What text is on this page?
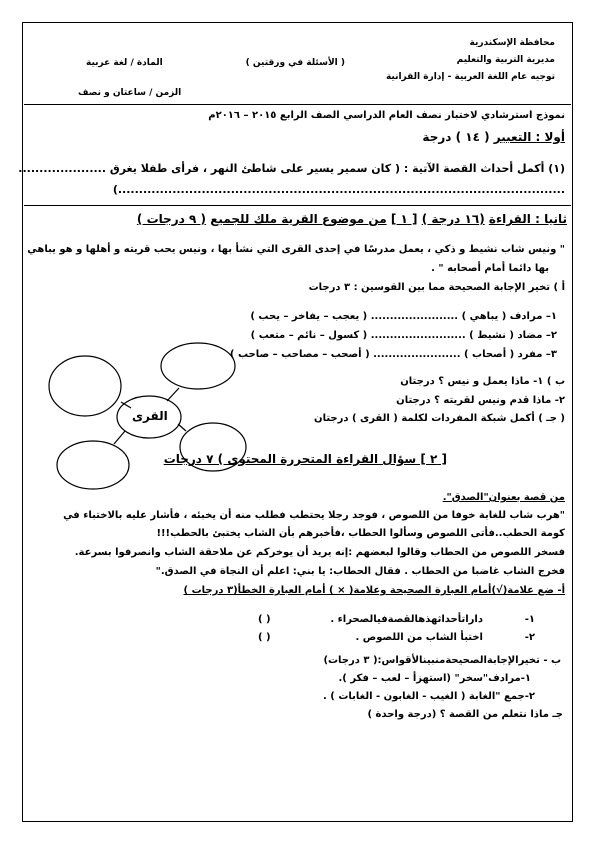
محافظة الإسكندرية
مديرية التربية والتعليم
توجيه عام اللغة العربية - إدارة القرانية
( الأسئلة في ورقتين )
المادة / لغة عربية
الزمن / ساعتان و نصف
نموذج استرشادي لاختبار نصف العام الدراسي الصف الرابع ٢٠١٥ – ٢٠١٦م
أولا : التعبير ( ١٤ ) درجة
(١) أكمل أحداث القصة الآتية : ( كان سمير يسير على شاطئ النهر ، فرأى طفلا يغرق .....................
...........................................................................................................)
ثانيا : القراءة (١٦ درجة ) [ ١ ] من موضوع القرية ملك للجميع ( ٩ درجات )
" ونيس شاب نشيط و ذكي ، يعمل مدرسًا في إحدى القرى التي نشأ بها ، ونيس يحب قريته و أهلها و هو يباهي
بها دائما أمام أصحابه " .
أ ) تخير الإجابة الصحيحة مما بين القوسين : ٣ درجات
١– مرادف ( يباهي ) ....................... ( يعجب – يفاخر – يحب )
٢– مضاد ( نشيط ) ......................... ( كسول – نائم – متعب )
٣– مفرد ( أصحاب ) ....................... ( أصحب – مصاحب – صاحب )
ب ) ١- ماذا يعمل و نيس ؟ درجتان
٢- ماذا قدم ونيس لقريته ؟ درجتان
( جـ ) أكمل شبكة المفردات لكلمة ( القرى ) درجتان
القرى
[ ٢ ] سؤال القراءة المتحررة المحتوى ) ٧ درجات
من قصة بعنوان"الصدق".
"هرب شاب للغابة خوفا من اللصوص ، فوجد رجلا يحتطب فطلب منه أن يخبئه ، فأشار عليه بالاختباء في
كومة الحطب..فأتى اللصوص وسألوا الحطاب ،فأخبرهم بأن الشاب يختبئ بالحطب!!!
فسخر اللصوص من الحطاب وقالوا لبعضهم :إنه يريد أن يوخركم عن ملاحقة الشاب وانصرفوا بسرعة.
فخرج الشاب غاضبا من الحطاب . فقال الحطاب: يا بني: اعلم أن النجاة في الصدق."
أ- ضع علامة(√)أمام العبارة الصحيحة وعلامة( × ) أمام العبارة الخطأ(٣ درجات )
١-
داراتأحداثهذهالقصةفيالصحراء .
( )
٢-
اختبأ الشاب من اللصوص .
( )
ب - تخيرالإجابةالصحيحةمنبينالأقواس:( ٣ درجات)
١-مرادف"سخر" (استهزأ – لعب – فكر ).
٢-جمع "الغابة ( الغيب - الغابون - الغابات ) .
جـ ماذا نتعلم من القصة ؟ (درجة واحدة )
